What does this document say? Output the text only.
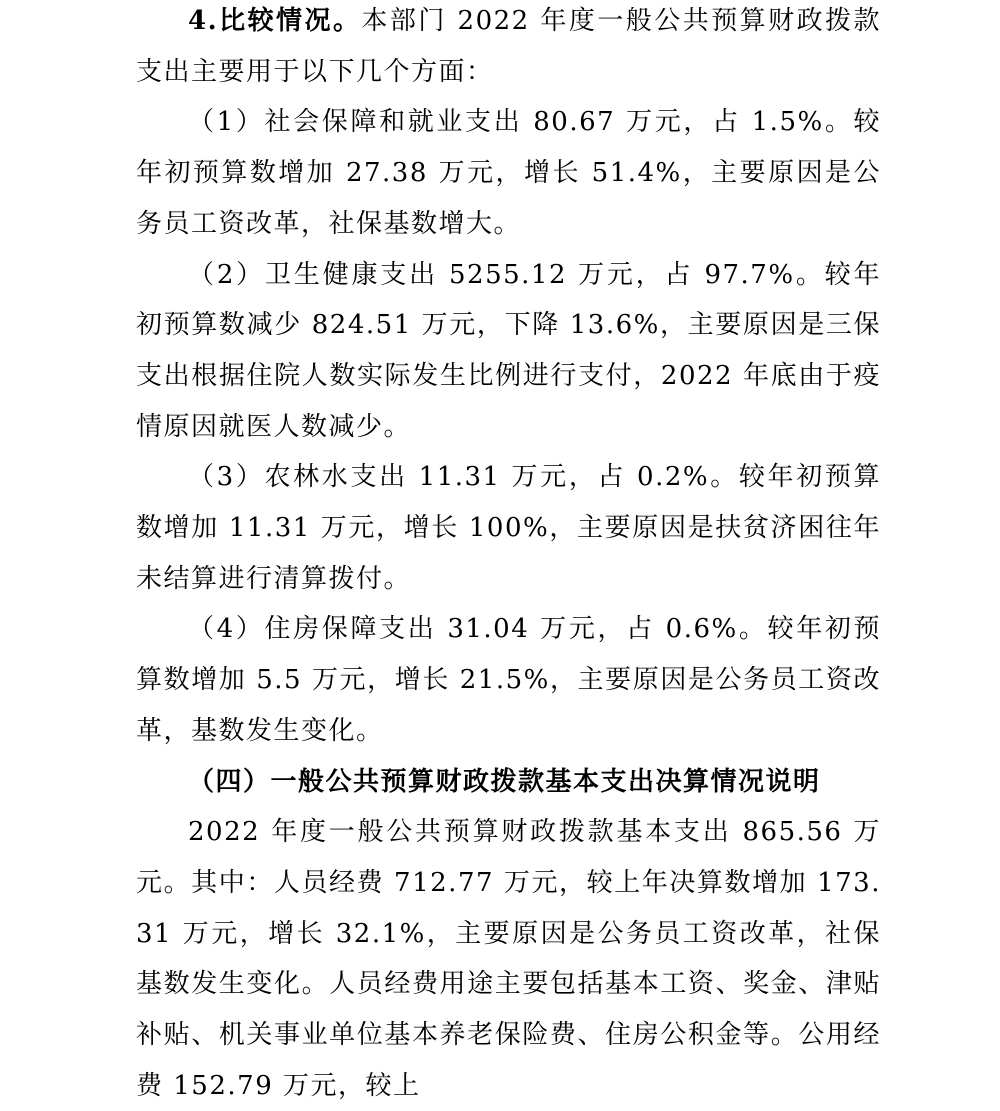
4.比较情况。本部门 2022 年度一般公共预算财政拨款支出主要用于以下几个方面：

（1）社会保障和就业支出 80.67 万元，占 1.5%。较年初预算数增加 27.38 万元，增长 51.4%，主要原因是公务员工资改革，社保基数增大。

（2）卫生健康支出 5255.12 万元，占 97.7%。较年初预算数减少 824.51 万元，下降 13.6%，主要原因是三保支出根据住院人数实际发生比例进行支付，2022 年底由于疫情原因就医人数减少。

（3）农林水支出 11.31 万元，占 0.2%。较年初预算数增加 11.31 万元，增长 100%，主要原因是扶贫济困往年未结算进行清算拨付。

（4）住房保障支出 31.04 万元，占 0.6%。较年初预算数增加 5.5 万元，增长 21.5%，主要原因是公务员工资改革，基数发生变化。

（四）一般公共预算财政拨款基本支出决算情况说明

2022 年度一般公共预算财政拨款基本支出 865.56 万元。其中：人员经费 712.77 万元，较上年决算数增加 173.31 万元，增长 32.1%，主要原因是公务员工资改革，社保基数发生变化。人员经费用途主要包括基本工资、奖金、津贴补贴、机关事业单位基本养老保险费、住房公积金等。公用经费 152.79 万元，较上
